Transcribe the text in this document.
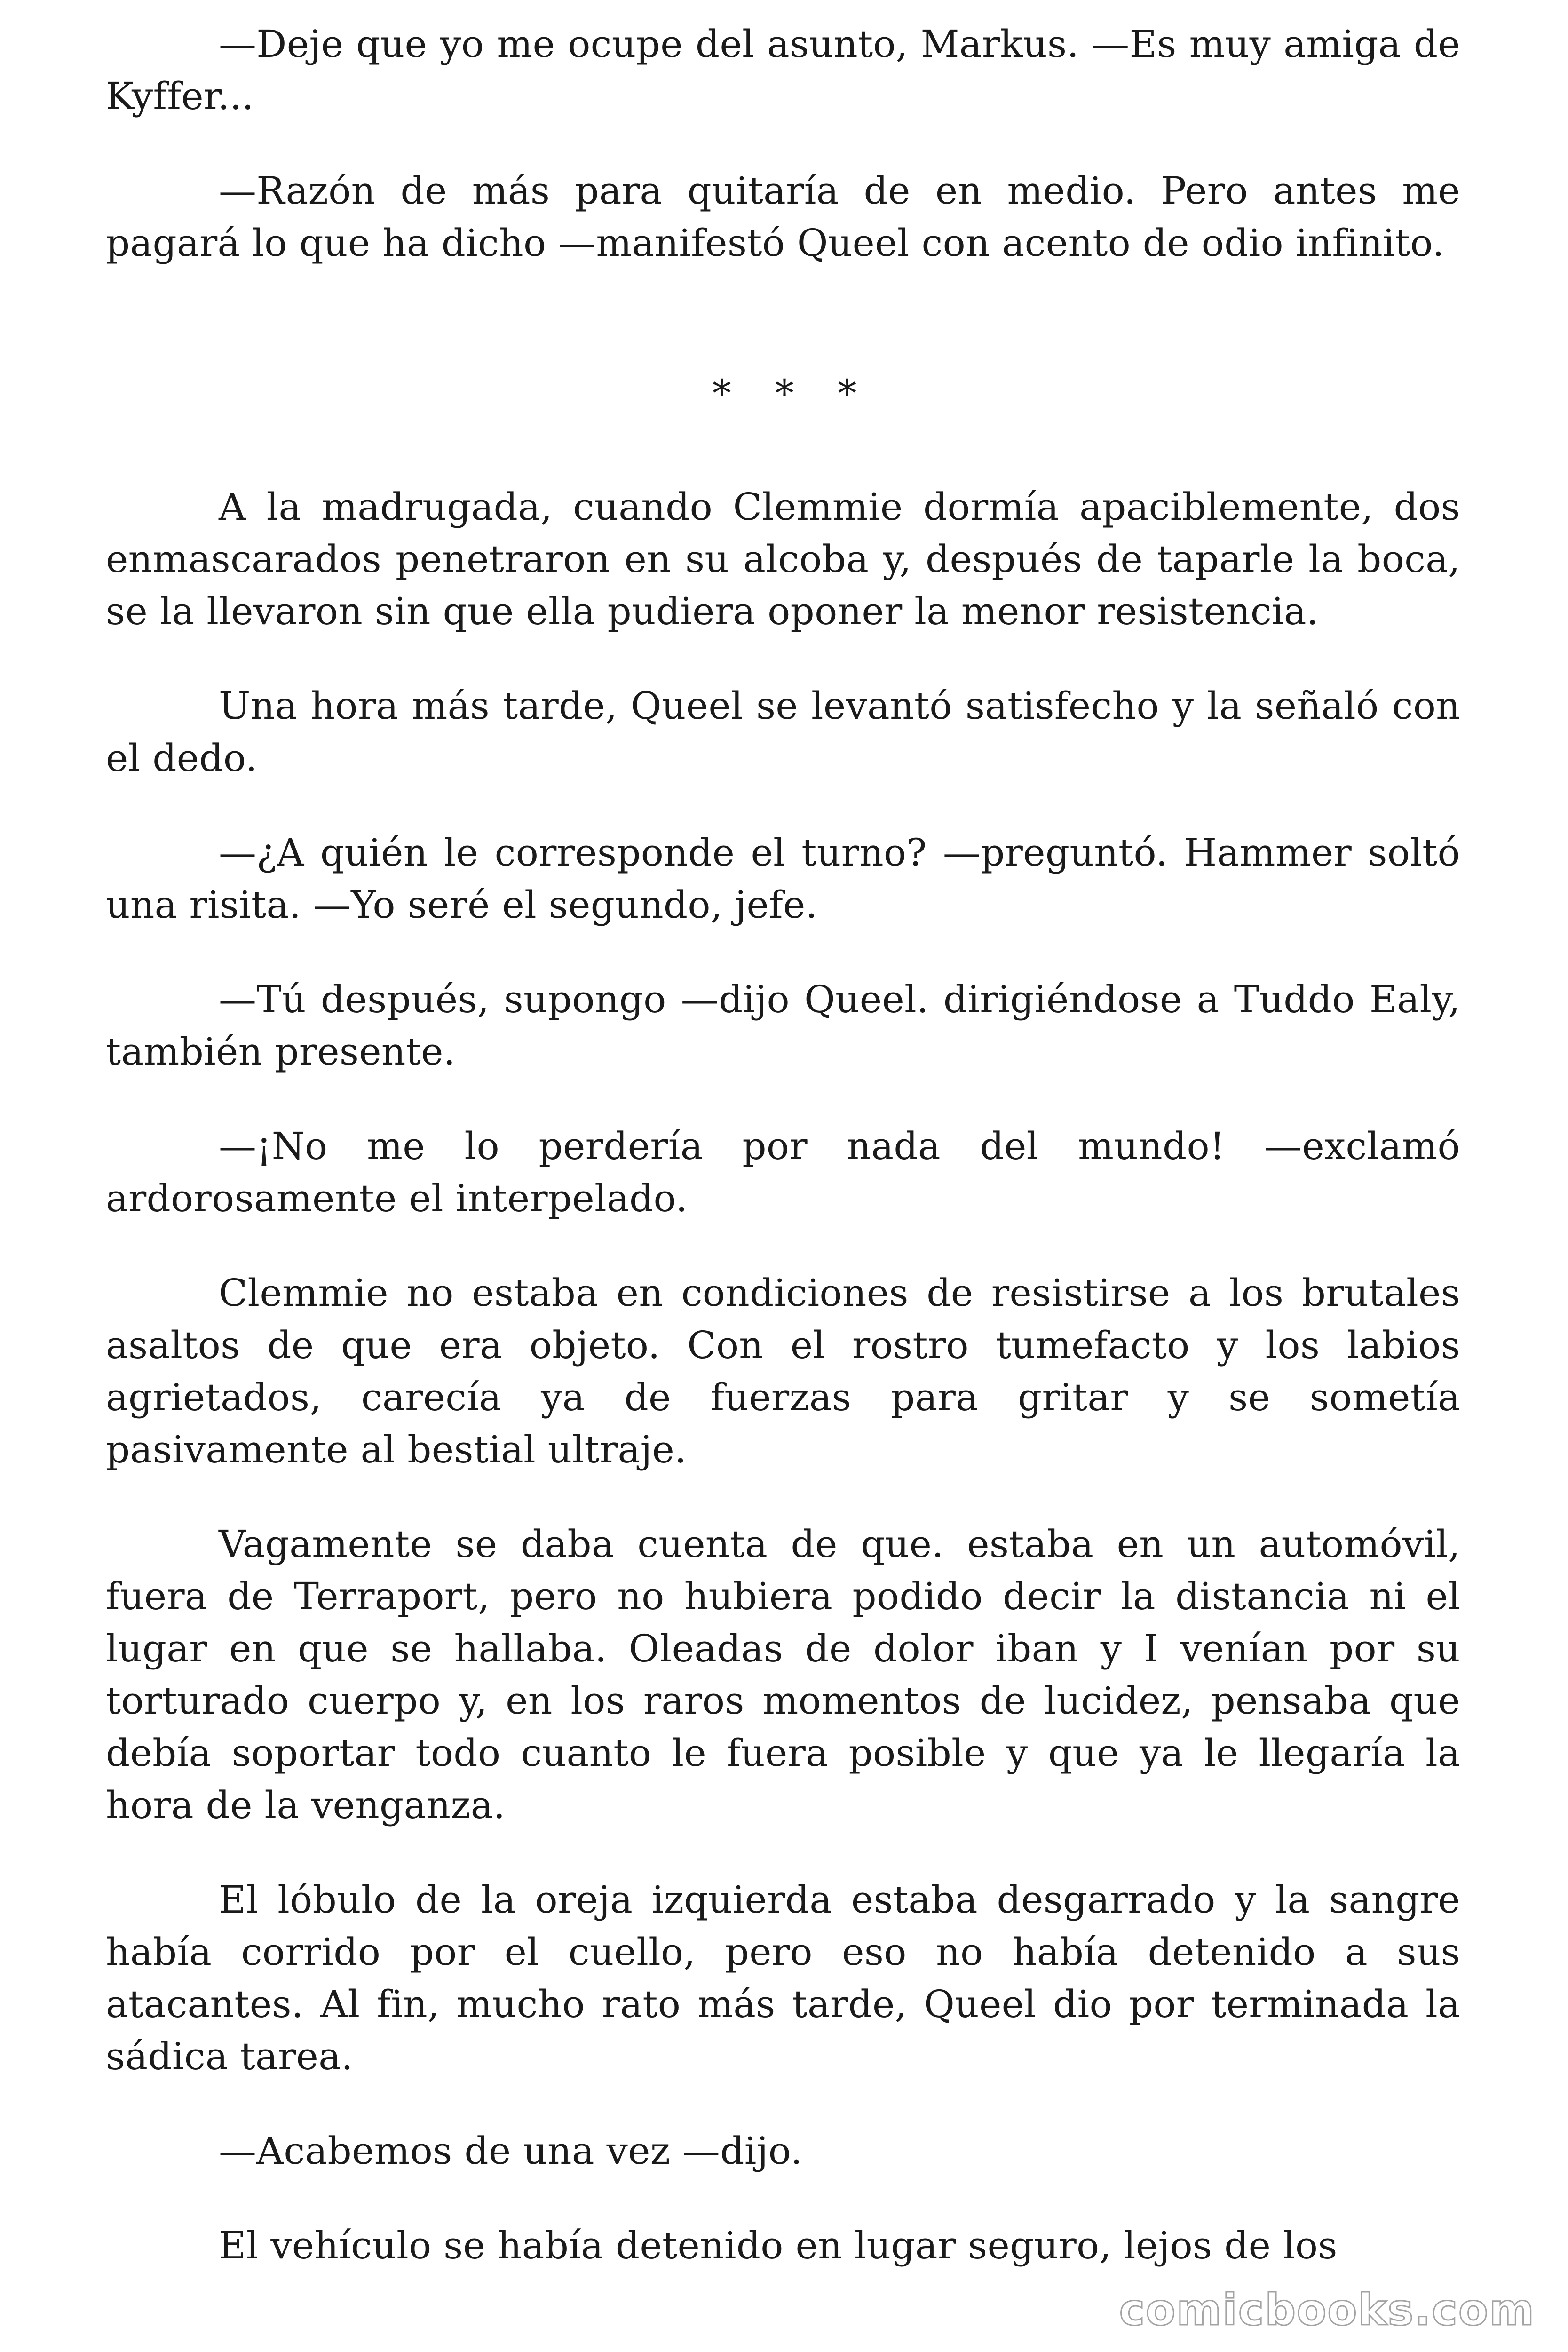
—Deje que yo me ocupe del asunto, Markus. —Es muy amiga de Kyffer...

—Razón de más para quitaría de en medio. Pero antes me pagará lo que ha dicho —manifestó Queel con acento de odio infinito.

* * *

A la madrugada, cuando Clemmie dormía apaciblemente, dos enmascarados penetraron en su alcoba y, después de taparle la boca, se la llevaron sin que ella pudiera oponer la menor resistencia.

Una hora más tarde, Queel se levantó satisfecho y la señaló con el dedo.

—¿A quién le corresponde el turno? —preguntó. Hammer soltó una risita. —Yo seré el segundo, jefe.

—Tú después, supongo —dijo Queel. dirigiéndose a Tuddo Ealy, también presente.

—¡No me lo perdería por nada del mundo! —exclamó ardorosamente el interpelado.

Clemmie no estaba en condiciones de resistirse a los brutales asaltos de que era objeto. Con el rostro tumefacto y los labios agrietados, carecía ya de fuerzas para gritar y se sometía pasivamente al bestial ultraje.

Vagamente se daba cuenta de que. estaba en un automóvil, fuera de Terraport, pero no hubiera podido decir la distancia ni el lugar en que se hallaba. Oleadas de dolor iban y I venían por su torturado cuerpo y, en los raros momentos de lucidez, pensaba que debía soportar todo cuanto le fuera posible y que ya le llegaría la hora de la venganza.

El lóbulo de la oreja izquierda estaba desgarrado y la sangre había corrido por el cuello, pero eso no había detenido a sus atacantes. Al fin, mucho rato más tarde, Queel dio por terminada la sádica tarea.

—Acabemos de una vez —dijo.

El vehículo se había detenido en lugar seguro, lejos de los

comicbooks.com
